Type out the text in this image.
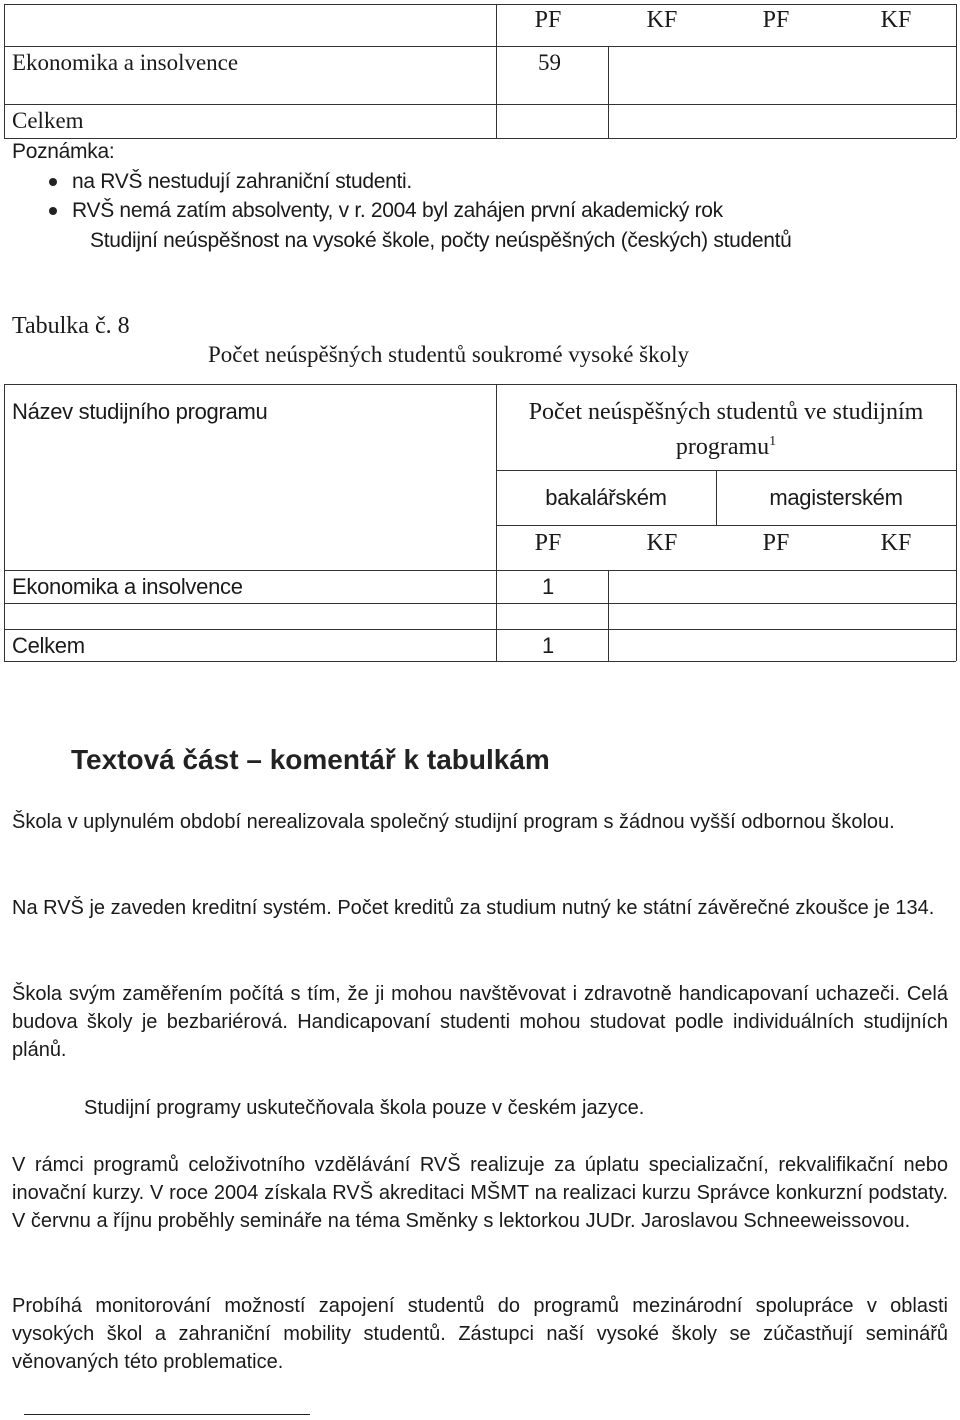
PF	KF	PF	KF
Ekonomika a insolvence	59
Celkem
Poznámka:
na RVŠ nestudují zahraniční studenti.
RVŠ nemá zatím absolventy, v r. 2004 byl zahájen první akademický rok
Studijní neúspěšnost na vysoké škole, počty neúspěšných (českých) studentů
Tabulka č. 8
Počet neúspěšných studentů soukromé vysoké školy
Název studijního programu	Počet neúspěšných studentů ve studijním
programu$^1$
bakalářském	magisterském
PF	KF	PF	KF
Ekonomika a insolvence	1
Celkem	1
Textová část – komentář k tabulkám
Škola v uplynulém období nerealizovala společný studijní program s žádnou vyšší odbornou školou.
Na RVŠ je zaveden kreditní systém. Počet kreditů za studium nutný ke státní závěrečné zkoušce je 134.
Škola svým zaměřením počítá s tím, že ji mohou navštěvovat i zdravotně handicapovaní uchazeči. Celá budova školy je bezbariérová. Handicapovaní studenti mohou studovat podle individuálních studijních plánů.
Studijní programy uskutečňovala škola pouze v českém jazyce.
V rámci programů celoživotního vzdělávání RVŠ realizuje za úplatu specializační, rekvalifikační nebo inovační kurzy. V roce 2004 získala RVŠ akreditaci MŠMT na realizaci kurzu Správce konkurzní podstaty. V červnu a říjnu proběhly semináře na téma Směnky s lektorkou JUDr. Jaroslavou Schneeweissovou.
Probíhá monitorování možností zapojení studentů do programů mezinárodní spolupráce v oblasti vysokých škol a zahraniční mobility studentů. Zástupci naší vysoké školy se zúčastňují seminářů věnovaných této problematice.
